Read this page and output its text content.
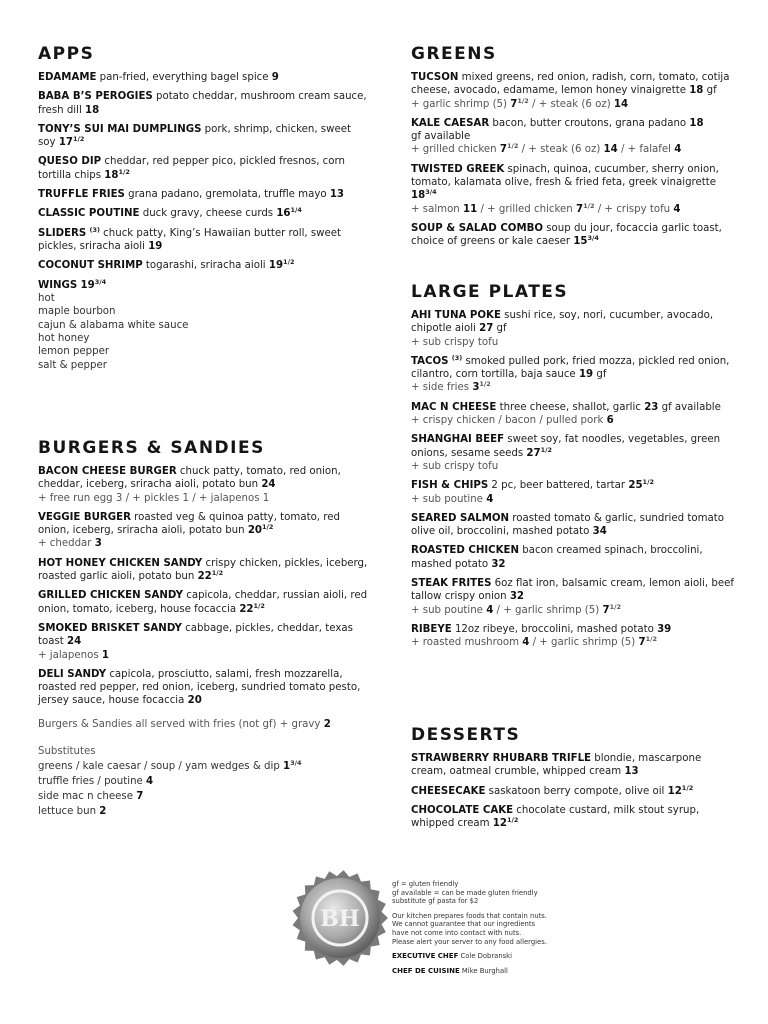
APPS
EDAMAME pan-fried, everything bagel spice 9
BABA B’S PEROGIES potato cheddar, mushroom cream sauce, fresh dill 18
TONY’S SUI MAI DUMPLINGS pork, shrimp, chicken, sweet soy $17^{1/2}$
QUESO DIP cheddar, red pepper pico, pickled fresnos, corn tortilla chips $18^{1/2}$
TRUFFLE FRIES grana padano, gremolata, truffle mayo 13
CLASSIC POUTINE duck gravy, cheese curds $16^{1/4}$
SLIDERS $^{(3)}$ chuck patty, King’s Hawaiian butter roll, sweet pickles, sriracha aioli 19
COCONUT SHRIMP togarashi, sriracha aioli $19^{1/2}$
WINGS $19^{3/4}$
hot
maple bourbon
cajun & alabama white sauce
hot honey
lemon pepper
salt & pepper
BURGERS & SANDIES
BACON CHEESE BURGER chuck patty, tomato, red onion, cheddar, iceberg, sriracha aioli, potato bun 24
+ free run egg 3 / + pickles 1 / + jalapenos 1
VEGGIE BURGER roasted veg & quinoa patty, tomato, red onion, iceberg, sriracha aioli, potato bun $20^{1/2}$
+ cheddar 3
HOT HONEY CHICKEN SANDY crispy chicken, pickles, iceberg, roasted garlic aioli, potato bun $22^{1/2}$
GRILLED CHICKEN SANDY capicola, cheddar, russian aioli, red onion, tomato, iceberg, house focaccia $22^{1/2}$
SMOKED BRISKET SANDY cabbage, pickles, cheddar, texas toast 24
+ jalapenos 1
DELI SANDY capicola, prosciutto, salami, fresh mozzarella, roasted red pepper, red onion, iceberg, sundried tomato pesto, jersey sauce, house focaccia 20
Burgers & Sandies all served with fries (not gf) + gravy 2
Substitutes
greens / kale caesar / soup / yam wedges & dip $1^{3/4}$
truffle fries / poutine 4
side mac n cheese 7
lettuce bun 2
GREENS
TUCSON mixed greens, red onion, radish, corn, tomato, cotija cheese, avocado, edamame, lemon honey vinaigrette 18 gf
+ garlic shrimp (5) $7^{1/2}$ / + steak (6 oz) 14
KALE CAESAR bacon, butter croutons, grana padano 18
gf available
+ grilled chicken $7^{1/2}$ / + steak (6 oz) 14 / + falafel 4
TWISTED GREEK spinach, quinoa, cucumber, sherry onion, tomato, kalamata olive, fresh & fried feta, greek vinaigrette $18^{3/4}$
+ salmon 11 / + grilled chicken $7^{1/2}$ / + crispy tofu 4
SOUP & SALAD COMBO soup du jour, focaccia garlic toast, choice of greens or kale caeser $15^{3/4}$
LARGE PLATES
AHI TUNA POKE sushi rice, soy, nori, cucumber, avocado, chipotle aioli 27 gf
+ sub crispy tofu
TACOS $^{(3)}$ smoked pulled pork, fried mozza, pickled red onion, cilantro, corn tortilla, baja sauce 19 gf
+ side fries $3^{1/2}$
MAC N CHEESE three cheese, shallot, garlic 23 gf available
+ crispy chicken / bacon / pulled pork 6
SHANGHAI BEEF sweet soy, fat noodles, vegetables, green onions, sesame seeds $27^{1/2}$
+ sub crispy tofu
FISH & CHIPS 2 pc, beer battered, tartar $25^{1/2}$
+ sub poutine 4
SEARED SALMON roasted tomato & garlic, sundried tomato olive oil, broccolini, mashed potato 34
ROASTED CHICKEN bacon creamed spinach, broccolini, mashed potato 32
STEAK FRITES 6oz flat iron, balsamic cream, lemon aioli, beef tallow crispy onion 32
+ sub poutine 4 / + garlic shrimp (5) $7^{1/2}$
RIBEYE 12oz ribeye, broccolini, mashed potato 39
+ roasted mushroom 4 / + garlic shrimp (5) $7^{1/2}$
DESSERTS
STRAWBERRY RHUBARB TRIFLE blondie, mascarpone cream, oatmeal crumble, whipped cream 13
CHEESECAKE saskatoon berry compote, olive oil $12^{1/2}$
CHOCOLATE CAKE chocolate custard, milk stout syrup, whipped cream $12^{1/2}$
BH

gf = gluten friendly

gf available = can be made gluten friendly

substitute gf pasta for $2

Our kitchen prepares foods that contain nuts.

We cannot guarantee that our ingredients

have not come into contact with nuts.

Please alert your server to any food allergies.

EXECUTIVE CHEF Cole Dobranski

CHEF DE CUISINE Mike Burghall
